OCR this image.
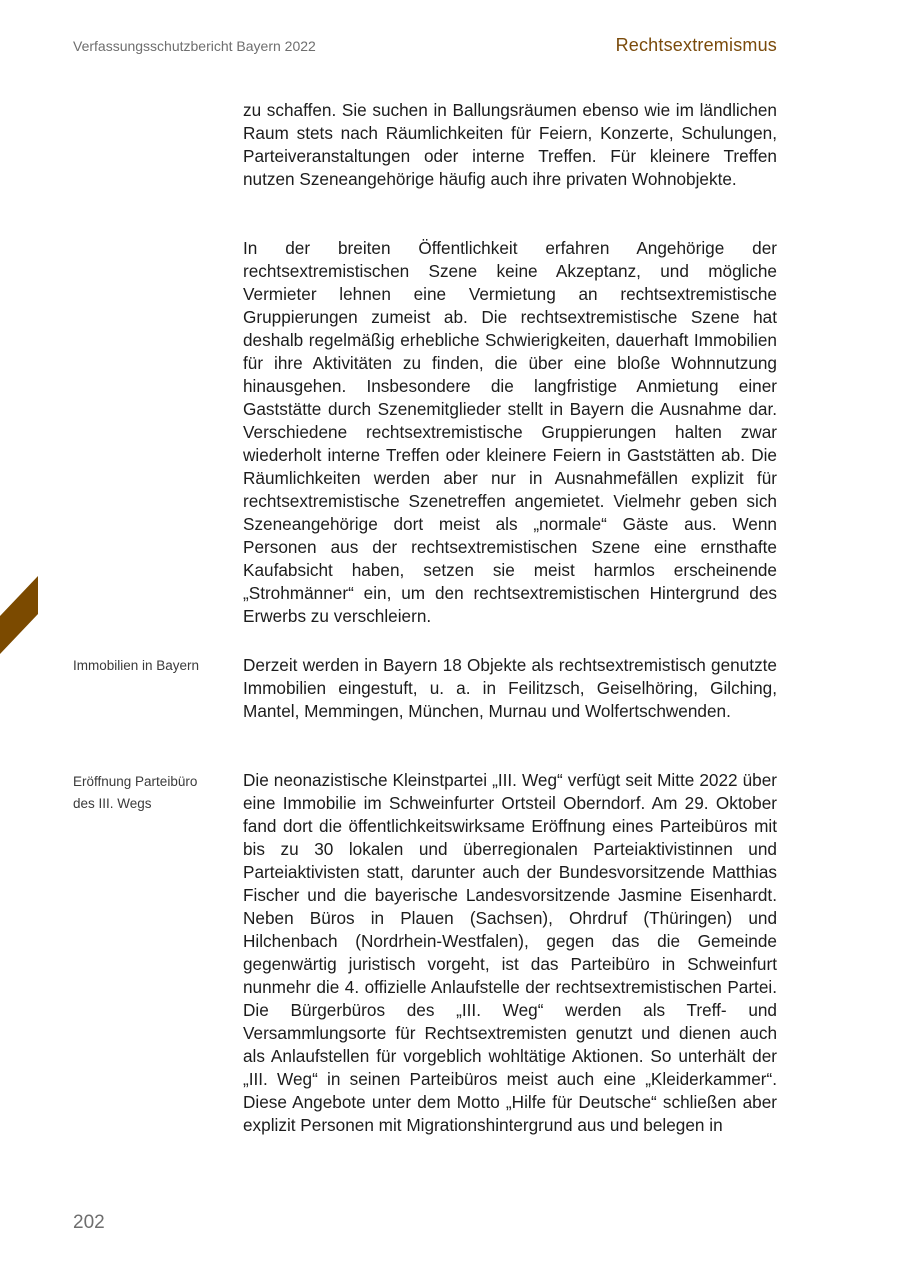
Verfassungsschutzbericht Bayern 2022	Rechtsextremismus

zu schaffen. Sie suchen in Ballungsräumen ebenso wie im ländlichen Raum stets nach Räumlichkeiten für Feiern, Konzerte, Schulungen, Parteiveranstaltungen oder interne Treffen. Für kleinere Treffen nutzen Szeneangehörige häufig auch ihre privaten Wohnobjekte.

In der breiten Öffentlichkeit erfahren Angehörige der rechtsextremistischen Szene keine Akzeptanz, und mögliche Vermieter lehnen eine Vermietung an rechtsextremistische Gruppierungen zumeist ab. Die rechtsextremistische Szene hat deshalb regelmäßig erhebliche Schwierigkeiten, dauerhaft Immobilien für ihre Aktivitäten zu finden, die über eine bloße Wohnnutzung hinausgehen. Insbesondere die langfristige Anmietung einer Gaststätte durch Szenemitglieder stellt in Bayern die Ausnahme dar. Verschiedene rechtsextremistische Gruppierungen halten zwar wiederholt interne Treffen oder kleinere Feiern in Gaststätten ab. Die Räumlichkeiten werden aber nur in Ausnahmefällen explizit für rechtsextremistische Szenetreffen angemietet. Vielmehr geben sich Szeneangehörige dort meist als „normale“ Gäste aus. Wenn Personen aus der rechtsextremistischen Szene eine ernsthafte Kaufabsicht haben, setzen sie meist harmlos erscheinende „Strohmänner“ ein, um den rechtsextremistischen Hintergrund des Erwerbs zu verschleiern.

Immobilien in Bayern	Derzeit werden in Bayern 18 Objekte als rechtsextremistisch genutzte Immobilien eingestuft, u. a. in Feilitzsch, Geiselhöring, Gilching, Mantel, Memmingen, München, Murnau und Wolfertschwenden.

Eröffnung Parteibüro
des III. Wegs

Die neonazistische Kleinstpartei „III. Weg“ verfügt seit Mitte 2022 über eine Immobilie im Schweinfurter Ortsteil Oberndorf. Am 29. Oktober fand dort die öffentlichkeitswirksame Eröffnung eines Parteibüros mit bis zu 30 lokalen und überregionalen Parteiaktivistinnen und Parteiaktivisten statt, darunter auch der Bundesvorsitzende Matthias Fischer und die bayerische Landesvorsitzende Jasmine Eisenhardt. Neben Büros in Plauen (Sachsen), Ohrdruf (Thüringen) und Hilchenbach (Nordrhein-Westfalen), gegen das die Gemeinde gegenwärtig juristisch vorgeht, ist das Parteibüro in Schweinfurt nunmehr die 4. offizielle Anlaufstelle der rechtsextremistischen Partei. Die Bürgerbüros des „III. Weg“ werden als Treff- und Versammlungsorte für Rechtsextremisten genutzt und dienen auch als Anlaufstellen für vorgeblich wohltätige Aktionen. So unterhält der „III. Weg“ in seinen Parteibüros meist auch eine „Kleiderkammer“. Diese Angebote unter dem Motto „Hilfe für Deutsche“ schließen aber explizit Personen mit Migrationshintergrund aus und belegen in

202
